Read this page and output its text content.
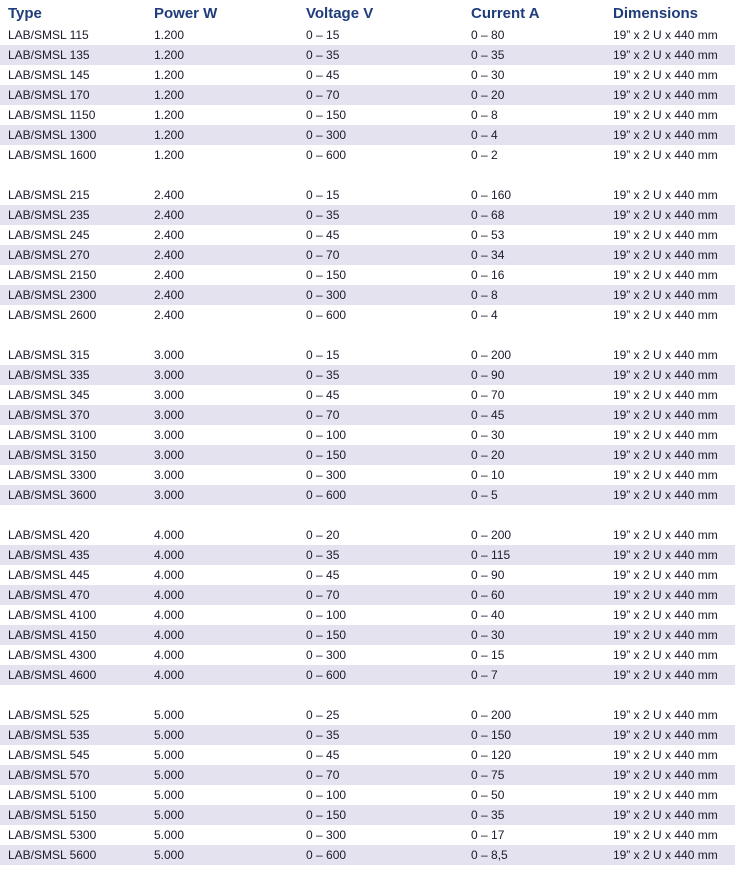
Type	Power W	Voltage V	Current A	Dimensions
LAB/SMSL 115	1.200	0 – 15	0 – 80	19” x 2 U x 440 mm
LAB/SMSL 135	1.200	0 – 35	0 – 35	19” x 2 U x 440 mm
LAB/SMSL 145	1.200	0 – 45	0 – 30	19” x 2 U x 440 mm
LAB/SMSL 170	1.200	0 – 70	0 – 20	19” x 2 U x 440 mm
LAB/SMSL 1150	1.200	0 – 150	0 – 8	19” x 2 U x 440 mm
LAB/SMSL 1300	1.200	0 – 300	0 – 4	19” x 2 U x 440 mm
LAB/SMSL 1600	1.200	0 – 600	0 – 2	19” x 2 U x 440 mm
LAB/SMSL 215	2.400	0 – 15	0 – 160	19” x 2 U x 440 mm
LAB/SMSL 235	2.400	0 – 35	0 – 68	19” x 2 U x 440 mm
LAB/SMSL 245	2.400	0 – 45	0 – 53	19” x 2 U x 440 mm
LAB/SMSL 270	2.400	0 – 70	0 – 34	19” x 2 U x 440 mm
LAB/SMSL 2150	2.400	0 – 150	0 – 16	19” x 2 U x 440 mm
LAB/SMSL 2300	2.400	0 – 300	0 – 8	19” x 2 U x 440 mm
LAB/SMSL 2600	2.400	0 – 600	0 – 4	19” x 2 U x 440 mm
LAB/SMSL 315	3.000	0 – 15	0 – 200	19” x 2 U x 440 mm
LAB/SMSL 335	3.000	0 – 35	0 – 90	19” x 2 U x 440 mm
LAB/SMSL 345	3.000	0 – 45	0 – 70	19” x 2 U x 440 mm
LAB/SMSL 370	3.000	0 – 70	0 – 45	19” x 2 U x 440 mm
LAB/SMSL 3100	3.000	0 – 100	0 – 30	19” x 2 U x 440 mm
LAB/SMSL 3150	3.000	0 – 150	0 – 20	19” x 2 U x 440 mm
LAB/SMSL 3300	3.000	0 – 300	0 – 10	19” x 2 U x 440 mm
LAB/SMSL 3600	3.000	0 – 600	0 – 5	19” x 2 U x 440 mm
LAB/SMSL 420	4.000	0 – 20	0 – 200	19” x 2 U x 440 mm
LAB/SMSL 435	4.000	0 – 35	0 – 115	19” x 2 U x 440 mm
LAB/SMSL 445	4.000	0 – 45	0 – 90	19” x 2 U x 440 mm
LAB/SMSL 470	4.000	0 – 70	0 – 60	19” x 2 U x 440 mm
LAB/SMSL 4100	4.000	0 – 100	0 – 40	19” x 2 U x 440 mm
LAB/SMSL 4150	4.000	0 – 150	0 – 30	19” x 2 U x 440 mm
LAB/SMSL 4300	4.000	0 – 300	0 – 15	19” x 2 U x 440 mm
LAB/SMSL 4600	4.000	0 – 600	0 – 7	19” x 2 U x 440 mm
LAB/SMSL 525	5.000	0 – 25	0 – 200	19” x 2 U x 440 mm
LAB/SMSL 535	5.000	0 – 35	0 – 150	19” x 2 U x 440 mm
LAB/SMSL 545	5.000	0 – 45	0 – 120	19” x 2 U x 440 mm
LAB/SMSL 570	5.000	0 – 70	0 – 75	19” x 2 U x 440 mm
LAB/SMSL 5100	5.000	0 – 100	0 – 50	19” x 2 U x 440 mm
LAB/SMSL 5150	5.000	0 – 150	0 – 35	19” x 2 U x 440 mm
LAB/SMSL 5300	5.000	0 – 300	0 – 17	19” x 2 U x 440 mm
LAB/SMSL 5600	5.000	0 – 600	0 – 8,5	19” x 2 U x 440 mm
